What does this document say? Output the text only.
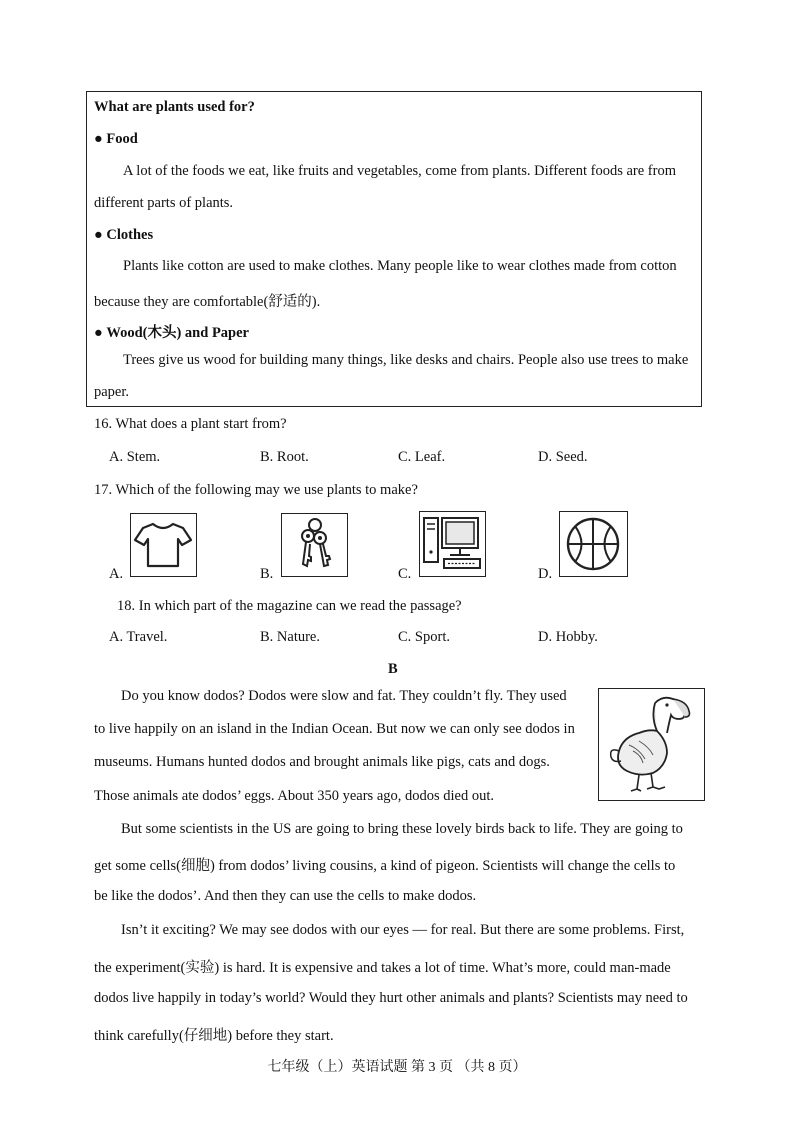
What are plants used for?
● Food
A lot of the foods we eat, like fruits and vegetables, come from plants. Different foods are from
different parts of plants.
● Clothes
Plants like cotton are used to make clothes. Many people like to wear clothes made from cotton
because they are comfortable(舒适的).
● Wood(木头) and Paper
Trees give us wood for building many things, like desks and chairs. People also use trees to make
paper.
16. What does a plant start from?
A. Stem.	B. Root.	C. Leaf.	D. Seed.
17. Which of the following may we use plants to make?
A.	B.	C.	D.
18. In which part of the magazine can we read the passage?
A. Travel.	B. Nature.	C. Sport.	D. Hobby.
B
Do you know dodos? Dodos were slow and fat. They couldn’t fly. They used
to live happily on an island in the Indian Ocean. But now we can only see dodos in
museums. Humans hunted dodos and brought animals like pigs, cats and dogs.
Those animals ate dodos’ eggs. About 350 years ago, dodos died out.
But some scientists in the US are going to bring these lovely birds back to life. They are going to
get some cells(细胞) from dodos’ living cousins, a kind of pigeon. Scientists will change the cells to
be like the dodos’. And then they can use the cells to make dodos.
Isn’t it exciting? We may see dodos with our eyes — for real. But there are some problems. First,
the experiment(实验) is hard. It is expensive and takes a lot of time. What’s more, could man-made
dodos live happily in today’s world? Would they hurt other animals and plants? Scientists may need to
think carefully(仔细地) before they start.
七年级（上）英语试题 第 3 页 （共 8 页）
